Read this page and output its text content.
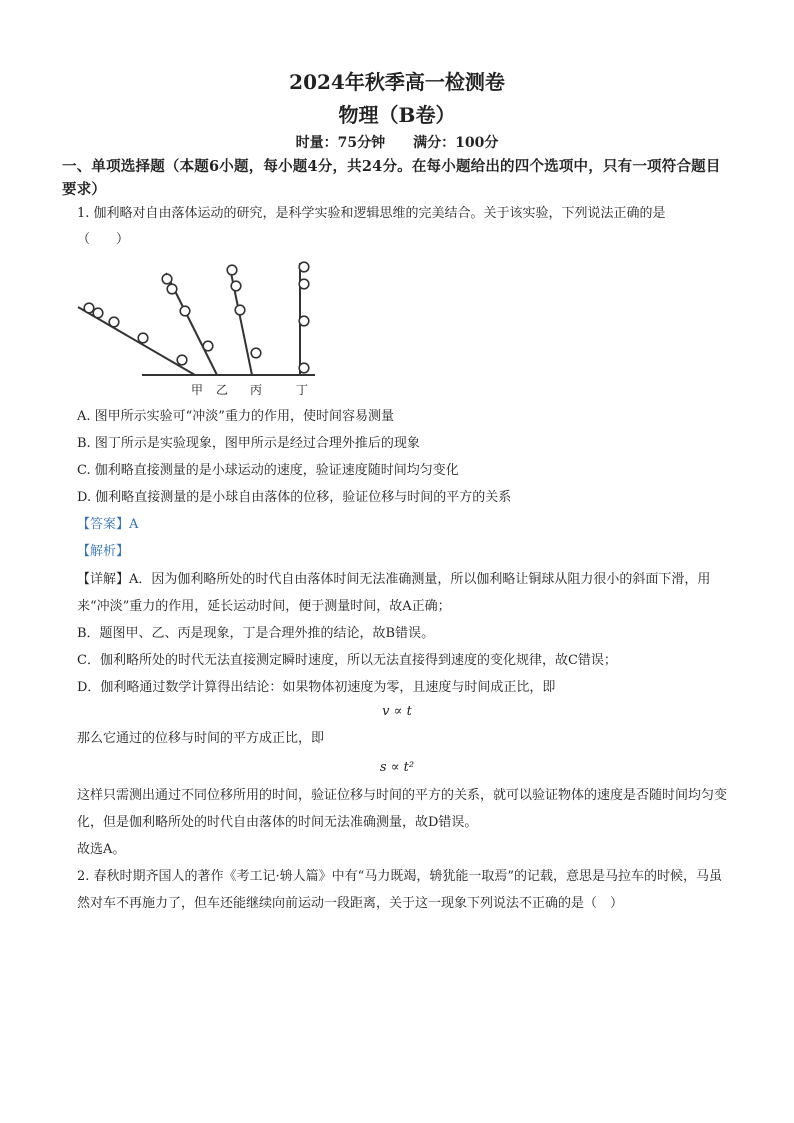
2024年秋季高一检测卷
物理（B卷）
时量：75分钟　　满分：100分
一、单项选择题（本题6小题，每小题4分，共24分。在每小题给出的四个选项中，只有一项符合题目要求）
1. 伽利略对自由落体运动的研究，是科学实验和逻辑思维的完美结合。关于该实验，下列说法正确的是
（　　）
甲 乙 丙	丁
A. 图甲所示实验可“冲淡”重力的作用，使时间容易测量
B. 图丁所示是实验现象，图甲所示是经过合理外推后的现象
C. 伽利略直接测量的是小球运动的速度，验证速度随时间均匀变化
D. 伽利略直接测量的是小球自由落体的位移，验证位移与时间的平方的关系
【答案】A
【解析】
【详解】A．因为伽利略所处的时代自由落体时间无法准确测量，所以伽利略让铜球从阻力很小的斜面下滑，用来“冲淡”重力的作用，延长运动时间，便于测量时间，故A正确；
B．题图甲、乙、丙是现象，丁是合理外推的结论，故B错误。
C．伽利略所处的时代无法直接测定瞬时速度，所以无法直接得到速度的变化规律，故C错误；
D．伽利略通过数学计算得出结论：如果物体初速度为零，且速度与时间成正比，即
v ∝ t
那么它通过的位移与时间的平方成正比，即
s ∝ t²
这样只需测出通过不同位移所用的时间，验证位移与时间的平方的关系，就可以验证物体的速度是否随时间均匀变化，但是伽利略所处的时代自由落体的时间无法准确测量，故D错误。
故选A。
2. 春秋时期齐国人的著作《考工记·辀人篇》中有“马力既竭，辀犹能一取焉”的记载，意思是马拉车的时候，马虽然对车不再施力了，但车还能继续向前运动一段距离，关于这一现象下列说法不正确的是（　）
